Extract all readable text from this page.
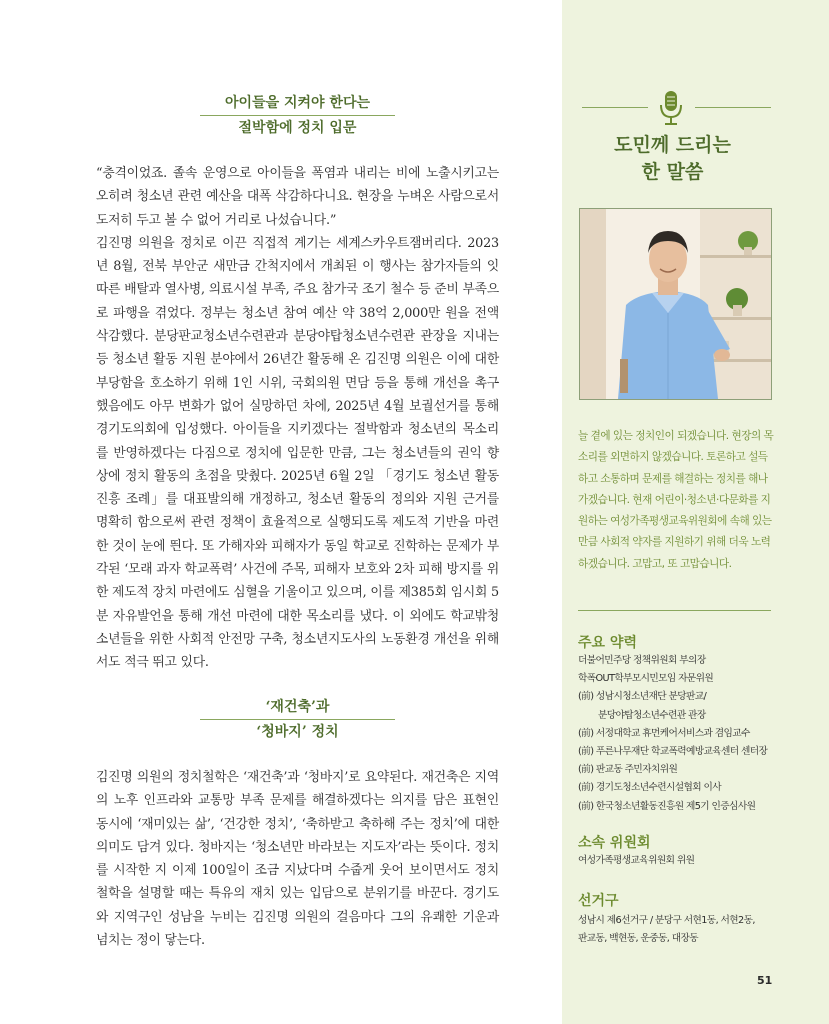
아이들을 지켜야 한다는
절박함에 정치 입문

“충격이었죠. 졸속 운영으로 아이들을 폭염과 내리는 비에 노출시키고는 오히려 청소년 관련 예산을 대폭 삭감하다니요. 현장을 누벼온 사람으로서 도저히 두고 볼 수 없어 거리로 나섰습니다.”

김진명 의원을 정치로 이끈 직접적 계기는 세계스카우트잼버리다. 2023년 8월, 전북 부안군 새만금 간척지에서 개최된 이 행사는 참가자들의 잇따른 배탈과 열사병, 의료시설 부족, 주요 참가국 조기 철수 등 준비 부족으로 파행을 겪었다. 정부는 청소년 참여 예산 약 38억 2,000만 원을 전액 삭감했다. 분당판교청소년수련관과 분당야탑청소년수련관 관장을 지내는 등 청소년 활동 지원 분야에서 26년간 활동해 온 김진명 의원은 이에 대한 부당함을 호소하기 위해 1인 시위, 국회의원 면담 등을 통해 개선을 촉구했음에도 아무 변화가 없어 실망하던 차에, 2025년 4월 보궐선거를 통해 경기도의회에 입성했다. 아이들을 지키겠다는 절박함과 청소년의 목소리를 반영하겠다는 다짐으로 정치에 입문한 만큼, 그는 청소년들의 권익 향상에 정치 활동의 초점을 맞췄다. 2025년 6월 2일 「경기도 청소년 활동 진흥 조례」를 대표발의해 개정하고, 청소년 활동의 정의와 지원 근거를 명확히 함으로써 관련 정책이 효율적으로 실행되도록 제도적 기반을 마련한 것이 눈에 띈다. 또 가해자와 피해자가 동일 학교로 진학하는 문제가 부각된 ‘모래 과자 학교폭력’ 사건에 주목, 피해자 보호와 2차 피해 방지를 위한 제도적 장치 마련에도 심혈을 기울이고 있으며, 이를 제385회 임시회 5분 자유발언을 통해 개선 마련에 대한 목소리를 냈다. 이 외에도 학교밖청소년들을 위한 사회적 안전망 구축, 청소년지도사의 노동환경 개선을 위해서도 적극 뛰고 있다.

‘재건축’과
‘청바지’ 정치

김진명 의원의 정치철학은 ‘재건축’과 ‘청바지’로 요약된다. 재건축은 지역의 노후 인프라와 교통망 부족 문제를 해결하겠다는 의지를 담은 표현인 동시에 ‘재미있는 삶’, ‘건강한 정치’, ‘축하받고 축하해 주는 정치’에 대한 의미도 담겨 있다. 청바지는 ‘청소년만 바라보는 지도자’라는 뜻이다. 정치를 시작한 지 이제 100일이 조금 지났다며 수줍게 웃어 보이면서도 정치철학을 설명할 때는 특유의 재치 있는 입담으로 분위기를 바꾼다. 경기도와 지역구인 성남을 누비는 김진명 의원의 걸음마다 그의 유쾌한 기운과 넘치는 정이 닿는다.

도민께 드리는
한 말씀

늘 곁에 있는 정치인이 되겠습니다. 현장의 목소리를 외면하지 않겠습니다. 토론하고 설득하고 소통하며 문제를 해결하는 정치를 해나가겠습니다. 현재 어린이·청소년·다문화를 지원하는 여성가족평생교육위원회에 속해 있는 만큼 사회적 약자를 지원하기 위해 더욱 노력하겠습니다. 고맙고, 또 고맙습니다.

주요 약력
더불어민주당 정책위원회 부의장
학폭OUT학부모시민모임 자문위원
(前) 성남시청소년재단 분당판교/
분당야탑청소년수련관 관장
(前) 서정대학교 휴먼케어서비스과 겸임교수
(前) 푸른나무재단 학교폭력예방교육센터 센터장
(前) 판교동 주민자치위원
(前) 경기도청소년수련시설협회 이사
(前) 한국청소년활동진흥원 제5기 인증심사원
소속 위원회
여성가족평생교육위원회 위원
선거구
성남시 제6선거구 / 분당구 서현1동, 서현2동,
판교동, 백현동, 운중동, 대장동
51
